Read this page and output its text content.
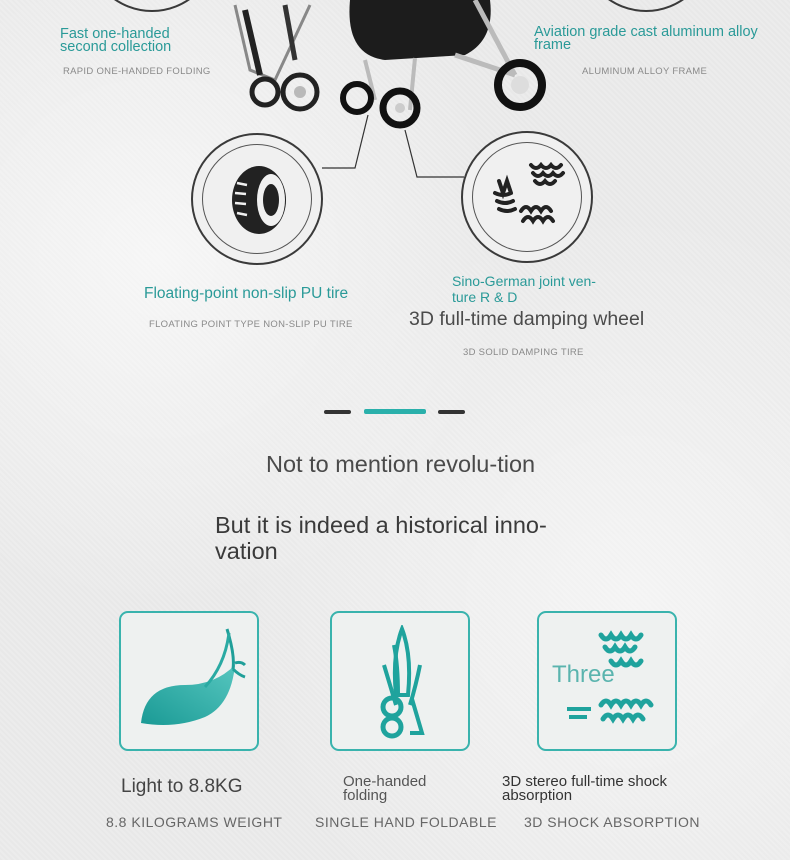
Fast one-handed second collection
RAPID ONE-HANDED FOLDING
Aviation grade cast aluminum alloy frame
ALUMINUM ALLOY FRAME
Floating-point non-slip PU tire
FLOATING POINT TYPE NON-SLIP PU TIRE
Sino-German joint ven-ture R & D
3D full-time damping wheel
3D SOLID DAMPING TIRE
Not to mention revolu-tion
But it is indeed a historical inno-vation
Three
Light to 8.8KG	One-handed folding
3D stereo full-time shock absorption
8.8 KILOGRAMS WEIGHT SINGLE HAND FOLDABLE 3D SHOCK ABSORPTION
